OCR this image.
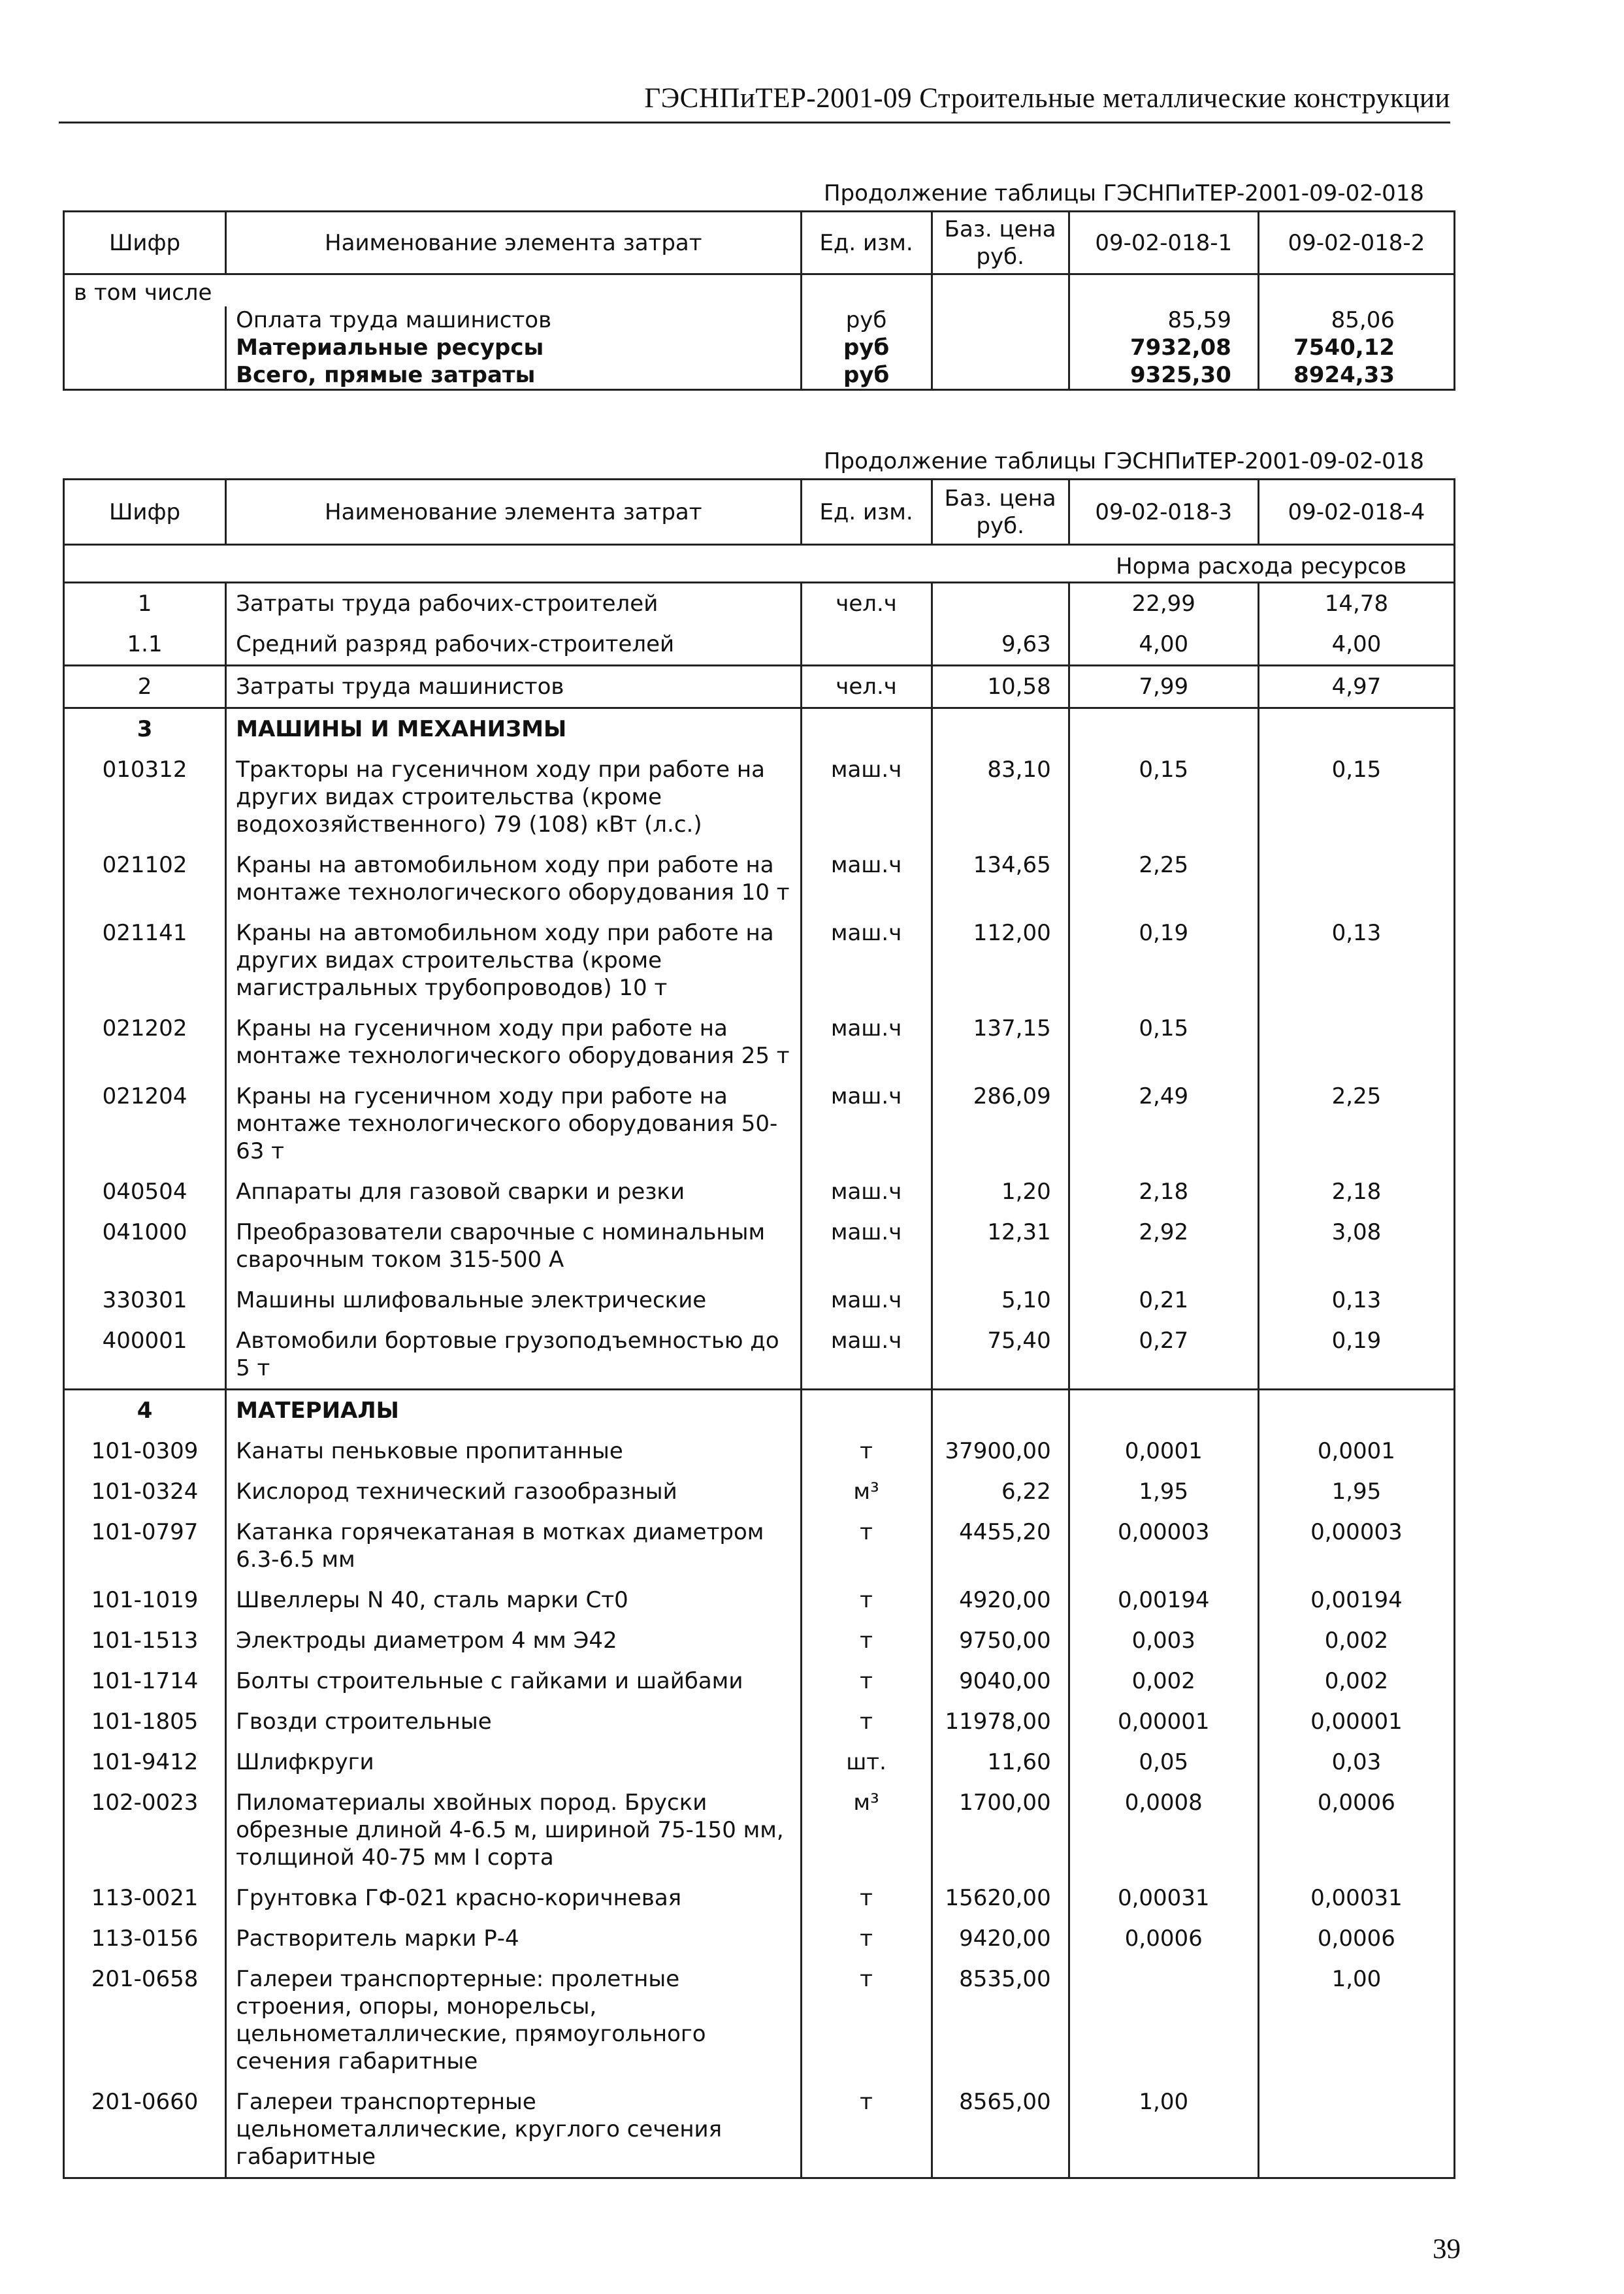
ГЭСНПиТЕР-2001-09 Строительные металлические конструкции
Продолжение таблицы ГЭСНПиТЕР-2001-09-02-018
Шифр	Наименование элемента затрат	Ед. изм.	Баз. цена
руб.	09-02-018-1	09-02-018-2
в том числе					
	Оплата труда машинистов	руб		85,59	85,06
	Материальные ресурсы	руб		7932,08	7540,12
	Всего, прямые затраты	руб		9325,30	8924,33
Продолжение таблицы ГЭСНПиТЕР-2001-09-02-018
Шифр	Наименование элемента затрат	Ед. изм.	Баз. цена
руб.	09-02-018-3	09-02-018-4
				Норма расхода ресурсов	
1	Затраты труда рабочих-строителей	чел.ч		22,99	14,78
1.1	Средний разряд рабочих-строителей		9,63	4,00	4,00
2	Затраты труда машинистов	чел.ч	10,58	7,99	4,97
3	МАШИНЫ И МЕХАНИЗМЫ				
010312	Тракторы на гусеничном ходу при работе на других видах строительства (кроме водохозяйственного) 79 (108) кВт (л.с.)	маш.ч	83,10	0,15	0,15
021102	Краны на автомобильном ходу при работе на монтаже технологического оборудования 10 т	маш.ч	134,65	2,25	
021141	Краны на автомобильном ходу при работе на других видах строительства (кроме магистральных трубопроводов) 10 т	маш.ч	112,00	0,19	0,13
021202	Краны на гусеничном ходу при работе на монтаже технологического оборудования 25 т	маш.ч	137,15	0,15	
021204	Краны на гусеничном ходу при работе на монтаже технологического оборудования 50-63 т	маш.ч	286,09	2,49	2,25
040504	Аппараты для газовой сварки и резки	маш.ч	1,20	2,18	2,18
041000	Преобразователи сварочные с номинальным сварочным током 315-500 А	маш.ч	12,31	2,92	3,08
330301	Машины шлифовальные электрические	маш.ч	5,10	0,21	0,13
400001	Автомобили бортовые грузоподъемностью до 5 т	маш.ч	75,40	0,27	0,19
4	МАТЕРИАЛЫ				
101-0309	Канаты пеньковые пропитанные	т	37900,00	0,0001	0,0001
101-0324	Кислород технический газообразный	м³	6,22	1,95	1,95
101-0797	Катанка горячекатаная в мотках диаметром 6.3-6.5 мм	т	4455,20	0,00003	0,00003
101-1019	Швеллеры N 40, сталь марки Ст0	т	4920,00	0,00194	0,00194
101-1513	Электроды диаметром 4 мм Э42	т	9750,00	0,003	0,002
101-1714	Болты строительные с гайками и шайбами	т	9040,00	0,002	0,002
101-1805	Гвозди строительные	т	11978,00	0,00001	0,00001
101-9412	Шлифкруги	шт.	11,60	0,05	0,03
102-0023	Пиломатериалы хвойных пород. Бруски обрезные длиной 4-6.5 м, шириной 75-150 мм, толщиной 40-75 мм I сорта	м³	1700,00	0,0008	0,0006
113-0021	Грунтовка ГФ-021 красно-коричневая	т	15620,00	0,00031	0,00031
113-0156	Растворитель марки Р-4	т	9420,00	0,0006	0,0006
201-0658	Галереи транспортерные: пролетные строения, опоры, монорельсы, цельнометаллические, прямоугольного сечения габаритные	т	8535,00		1,00
201-0660	Галереи транспортерные цельнометаллические, круглого сечения габаритные	т	8565,00	1,00	
39
